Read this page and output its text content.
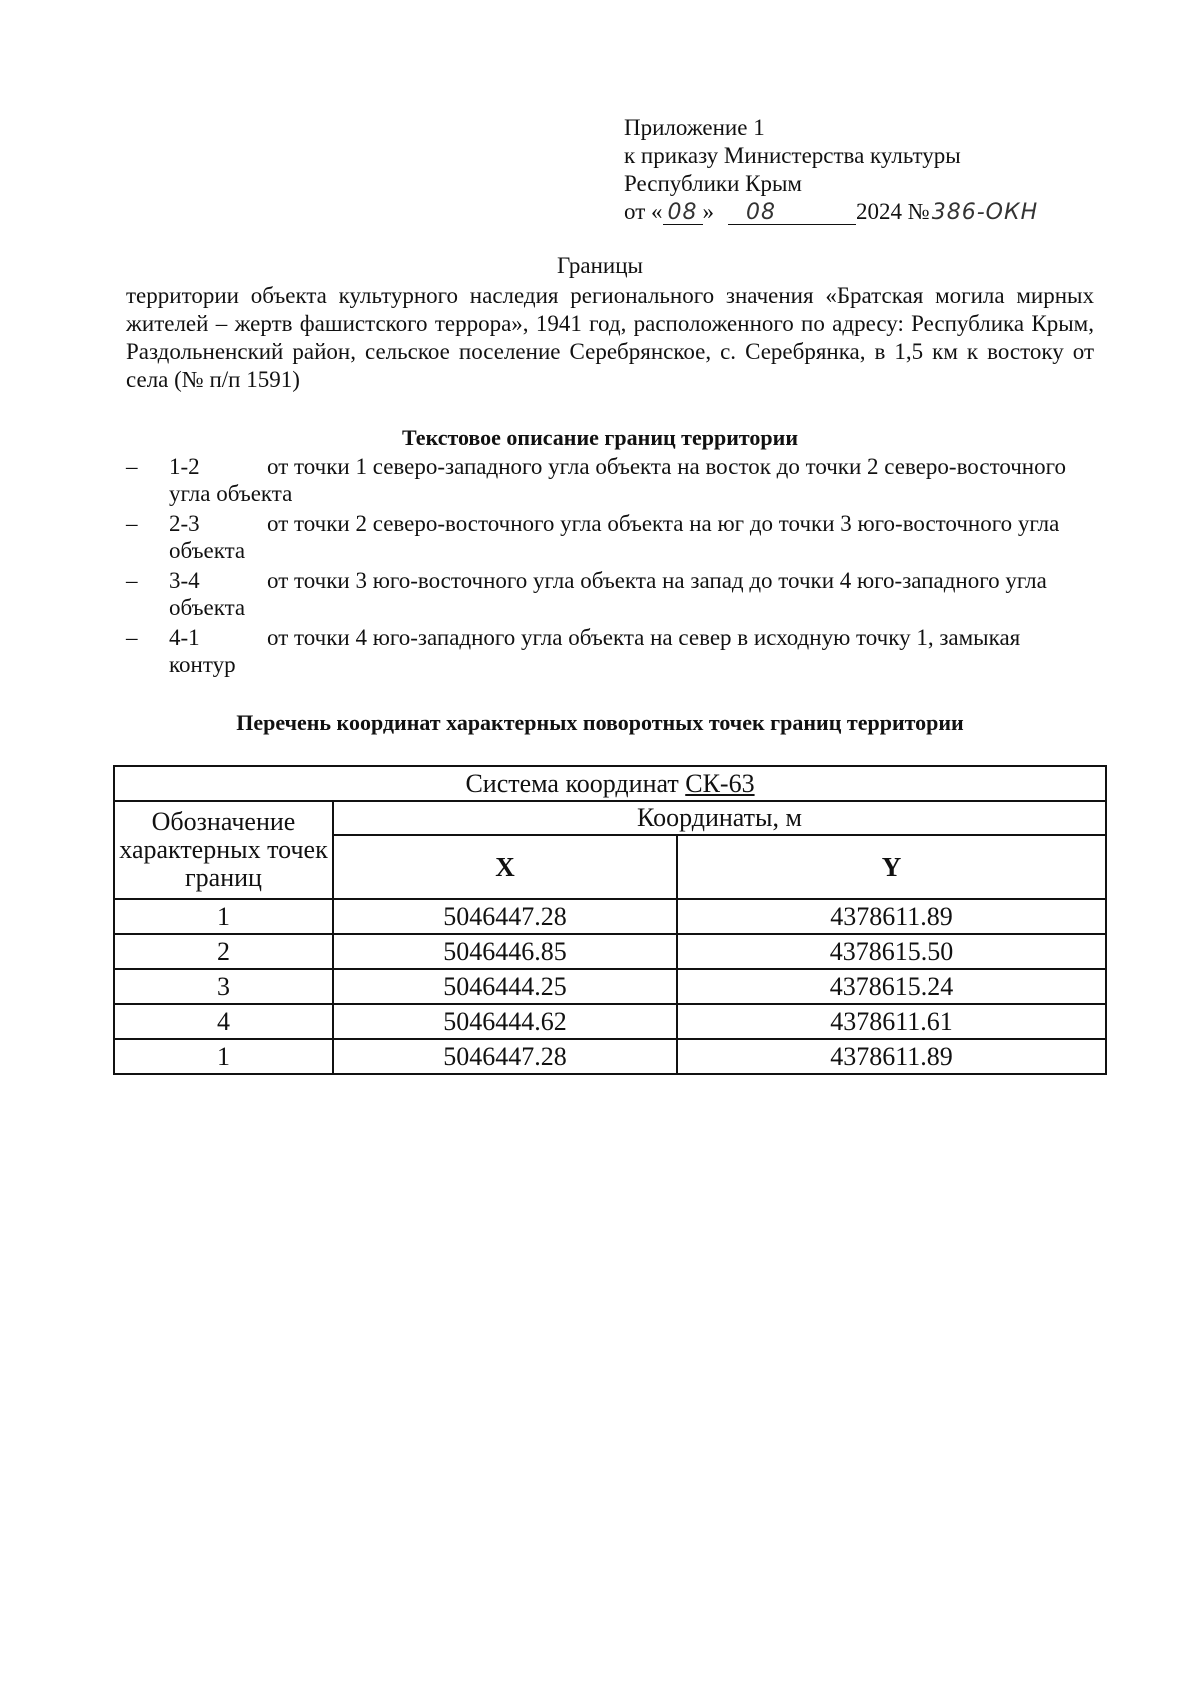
Приложение 1
к приказу Министерства культуры
Республики Крым
от « 08 »	08	2024 № 386-ОКН
Границы
территории объекта культурного наследия регионального значения «Братская могила мирных жителей – жертв фашистского террора», 1941 год, расположенного по адресу: Республика Крым, Раздольненский район, сельское поселение Серебрянское, с. Серебрянка, в 1,5 км к востоку от села (№ п/п 1591)
Текстовое описание границ территории
– 1-2	от точки 1 северо-западного угла объекта на восток до точки 2 северо-восточного
угла объекта
– 2-3	от точки 2 северо-восточного угла объекта на юг до точки 3 юго-восточного угла
объекта
– 3-4	от точки 3 юго-восточного угла объекта на запад до точки 4 юго-западного угла
объекта
– 4-1	от точки 4 юго-западного угла объекта на север в исходную точку 1, замыкая
контур
Перечень координат характерных поворотных точек границ территории
Система координат СК-63		
Обозначение характерных точек границ	Координаты, м	
	X	Y
1	5046447.28	4378611.89
2	5046446.85	4378615.50
3	5046444.25	4378615.24
4	5046444.62	4378611.61
1	5046447.28	4378611.89
